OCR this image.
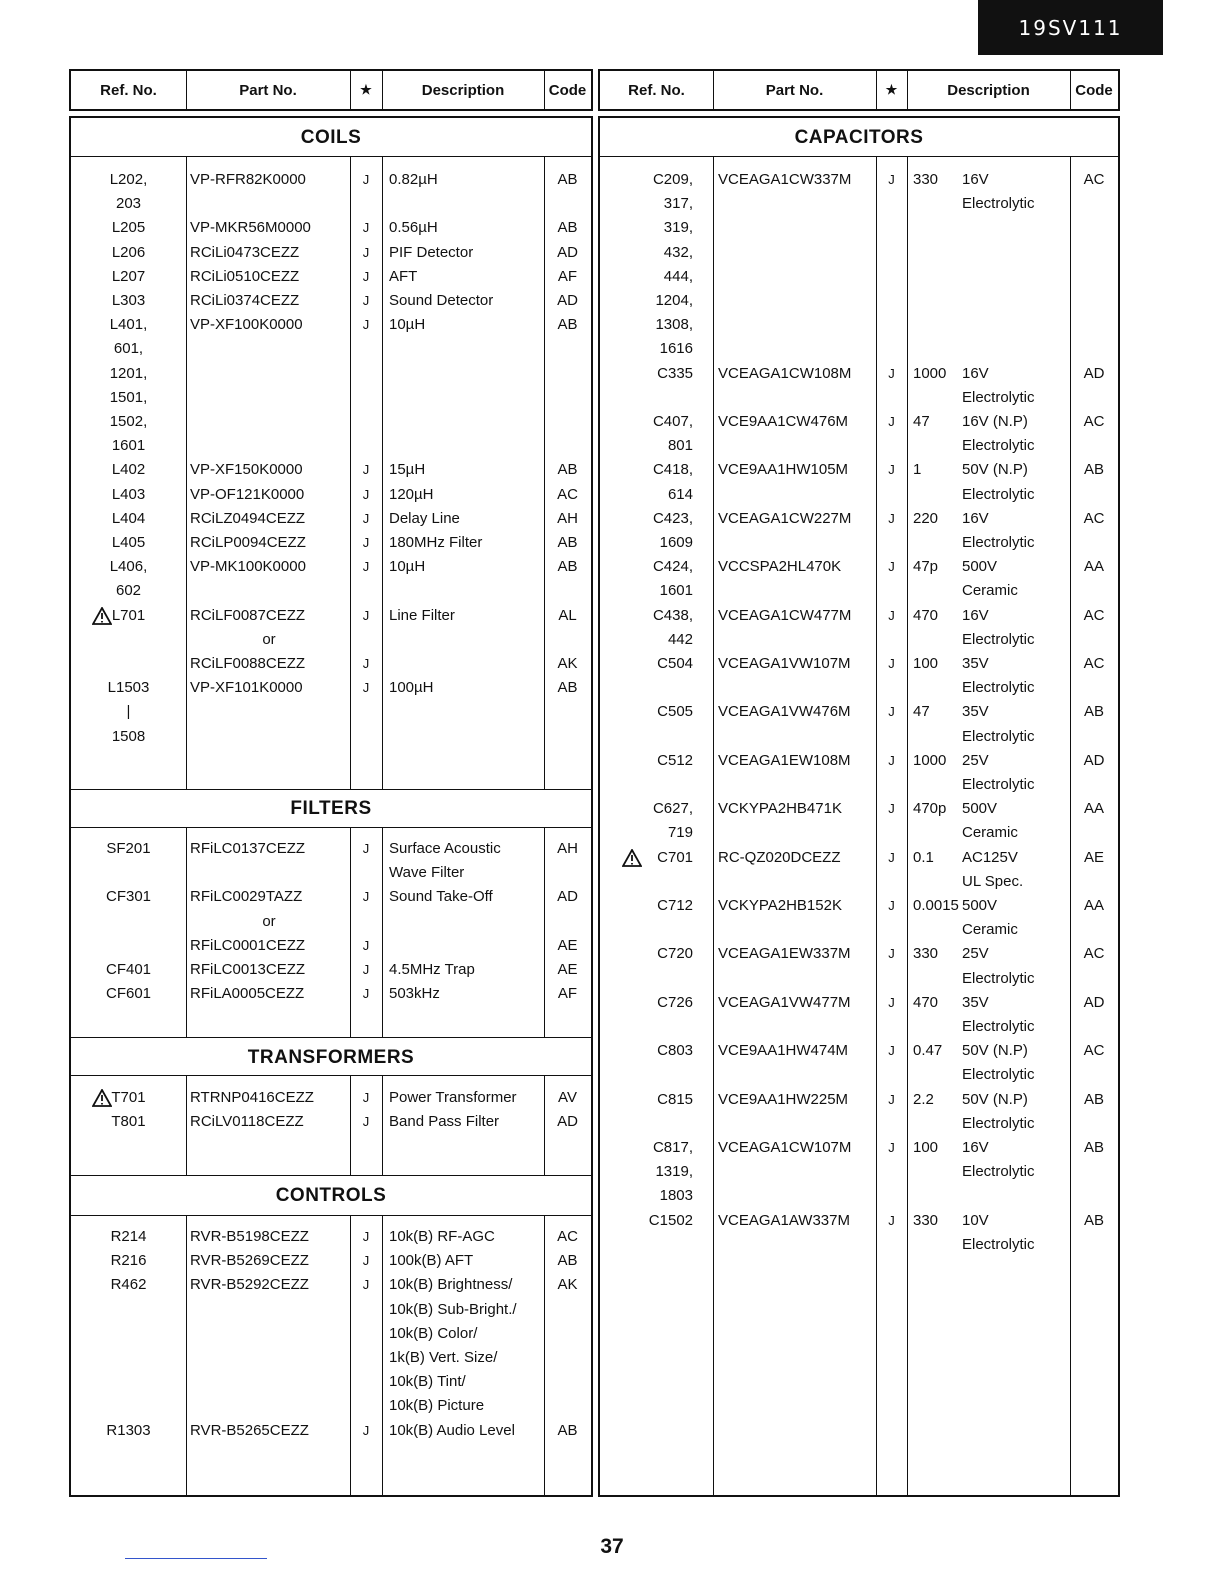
19SV111
Ref. No.	Part No.	★	Description	Code	Ref. No.	Part No.	★	Description	Code
COILS
FILTERS
TRANSFORMERS
CONTROLS
L202,	VP-RFR82K0000	J	0.82µH	AB
203
L205	VP-MKR56M0000	J	0.56µH	AB
L206	RCiLi0473CEZZ	J	PIF Detector	AD
L207	RCiLi0510CEZZ	J	AFT	AF
L303	RCiLi0374CEZZ	J	Sound Detector	AD
L401,	VP-XF100K0000	J	10µH	AB
601,
1201,
1501,
1502,
1601
L402	VP-XF150K0000	J	15µH	AB
L403	VP-OF121K0000	J	120µH	AC
L404	RCiLZ0494CEZZ	J	Delay Line	AH
L405	RCiLP0094CEZZ	J	180MHz Filter	AB
L406,	VP-MK100K0000	J	10µH	AB
602
L701	RCiLF0087CEZZ	J	Line Filter	AL
or
RCiLF0088CEZZ	J	AK
L1503	VP-XF101K0000	J	100µH	AB
|
1508
SF201	RFiLC0137CEZZ	J	Surface Acoustic	AH
Wave Filter
CF301	RFiLC0029TAZZ	J	Sound Take-Off	AD
or
RFiLC0001CEZZ	J	AE
CF401	RFiLC0013CEZZ	J	4.5MHz Trap	AE
CF601	RFiLA0005CEZZ	J	503kHz	AF
T701	RTRNP0416CEZZ	J	Power Transformer	AV
T801	RCiLV0118CEZZ	J	Band Pass Filter	AD
R214	RVR-B5198CEZZ	J	10k(B) RF-AGC	AC
R216	RVR-B5269CEZZ	J	100k(B) AFT	AB
R462	RVR-B5292CEZZ	J	10k(B) Brightness/	AK
10k(B) Sub-Bright./
10k(B) Color/
1k(B) Vert. Size/
10k(B) Tint/
10k(B) Picture
R1303	RVR-B5265CEZZ	J	10k(B) Audio Level	AB
CAPACITORS
C209, VCEAGA1CW337M	J	330	16V	AC
317,	Electrolytic
319,
432,
444,
1204,
1308,
1616
C335 VCEAGA1CW108M	J	1000	16V	AD
Electrolytic
C407, VCE9AA1CW476M	J	47	16V (N.P)	AC
801	Electrolytic
C418, VCE9AA1HW105M	J	1	50V (N.P)	AB
614	Electrolytic
C423, VCEAGA1CW227M	J	220	16V	AC
1609	Electrolytic
C424, VCCSPA2HL470K	J	47p	500V	AA
1601	Ceramic
C438, VCEAGA1CW477M	J	470	16V	AC
442	Electrolytic
C504 VCEAGA1VW107M	J	100	35V	AC
Electrolytic
C505 VCEAGA1VW476M	J	47	35V	AB
Electrolytic
C512 VCEAGA1EW108M	J	1000	25V	AD
Electrolytic
C627, VCKYPA2HB471K	J	470p	500V	AA
719	Ceramic
C701 RC-QZ020DCEZZ	J	0.1	AC125V	AE
UL Spec.
C712 VCKYPA2HB152K	J	0.0015 500V	AA
Ceramic
C720 VCEAGA1EW337M	J	330	25V	AC
Electrolytic
C726 VCEAGA1VW477M	J	470	35V	AD
Electrolytic
C803 VCE9AA1HW474M	J	0.47	50V (N.P)	AC
Electrolytic
C815 VCE9AA1HW225M	J	2.2	50V (N.P)	AB
Electrolytic
C817, VCEAGA1CW107M	J	100	16V	AB
1319,	Electrolytic
1803
C1502 VCEAGA1AW337M	J	330	10V	AB
Electrolytic
37
